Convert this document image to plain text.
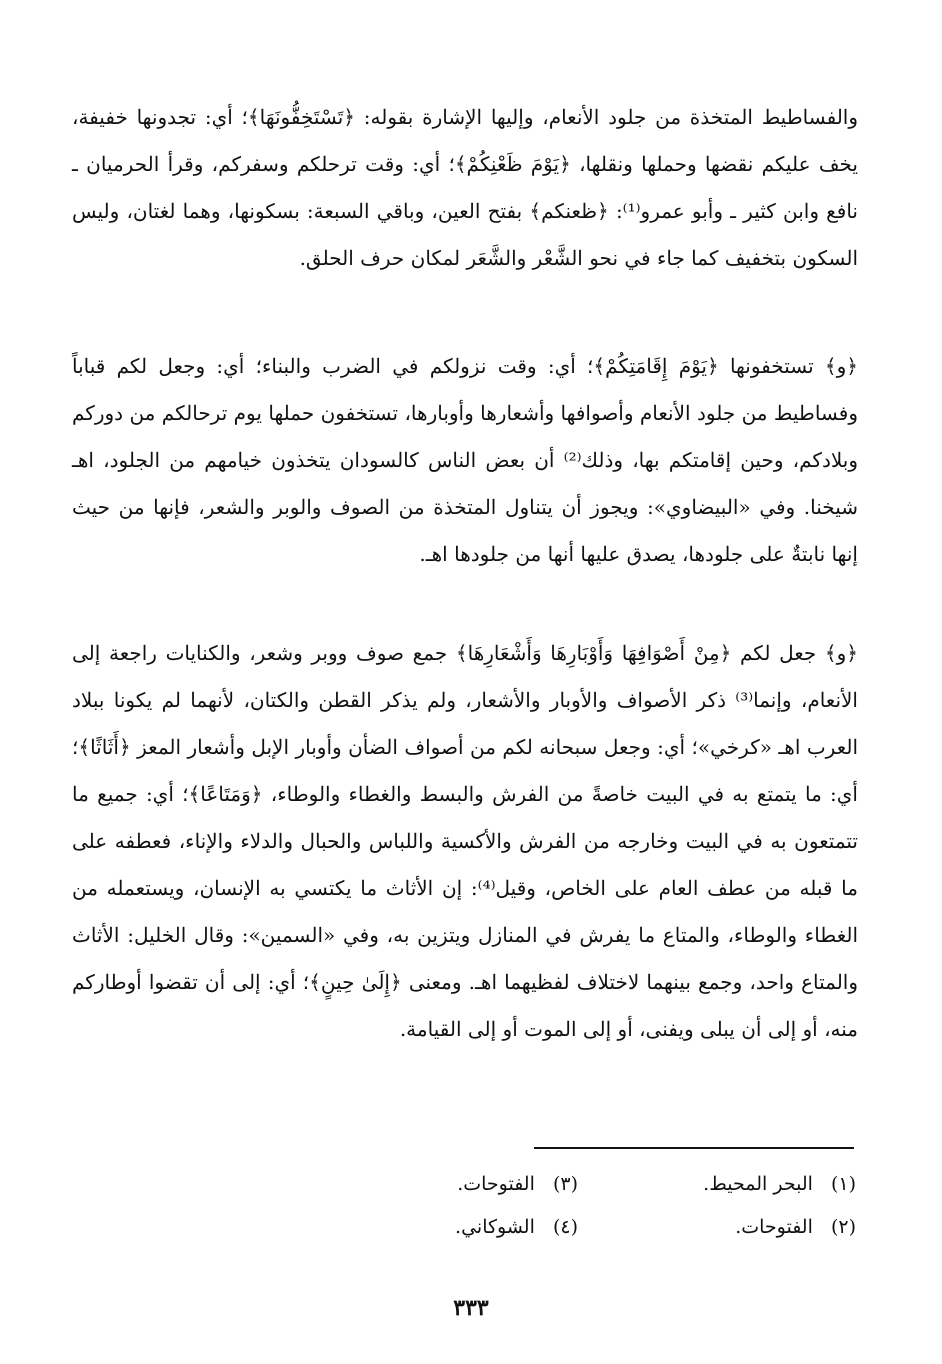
والفساطيط المتخذة من جلود الأنعام، وإليها الإشارة بقوله: ﴿تَسْتَخِفُّونَهَا﴾؛ أي: تجدونها خفيفة، يخف عليكم نقضها وحملها ونقلها، ﴿يَوْمَ ظَعْنِكُمْ﴾؛ أي: وقت ترحلكم وسفركم، وقرأ الحرميان ـ نافع وابن كثير ـ وأبو عمرو⁽¹⁾: ﴿ظعنكم﴾ بفتح العين، وباقي السبعة: بسكونها، وهما لغتان، وليس السكون بتخفيف كما جاء في نحو الشَّعْر والشَّعَر لمكان حرف الحلق.

﴿و﴾ تستخفونها ﴿يَوْمَ إِقَامَتِكُمْ﴾؛ أي: وقت نزولكم في الضرب والبناء؛ أي: وجعل لكم قباباً وفساطيط من جلود الأنعام وأصوافها وأشعارها وأوبارها، تستخفون حملها يوم ترحالكم من دوركم وبلادكم، وحين إقامتكم بها، وذلك⁽²⁾ أن بعض الناس كالسودان يتخذون خيامهم من الجلود، اهـ شيخنا. وفي «البيضاوي»: ويجوز أن يتناول المتخذة من الصوف والوبر والشعر، فإنها من حيث إنها نابتةٌ على جلودها، يصدق عليها أنها من جلودها اهـ.

﴿و﴾ جعل لكم ﴿مِنْ أَصْوَافِهَا وَأَوْبَارِهَا وَأَشْعَارِهَا﴾ جمع صوف ووبر وشعر، والكنايات راجعة إلى الأنعام، وإنما⁽³⁾ ذكر الأصواف والأوبار والأشعار، ولم يذكر القطن والكتان، لأنهما لم يكونا ببلاد العرب اهـ «كرخي»؛ أي: وجعل سبحانه لكم من أصواف الضأن وأوبار الإبل وأشعار المعز ﴿أَثَاثًا﴾؛ أي: ما يتمتع به في البيت خاصةً من الفرش والبسط والغطاء والوطاء، ﴿وَمَتَاعًا﴾؛ أي: جميع ما تتمتعون به في البيت وخارجه من الفرش والأكسية واللباس والحبال والدلاء والإناء، فعطفه على ما قبله من عطف العام على الخاص، وقيل⁽⁴⁾: إن الأثاث ما يكتسي به الإنسان، ويستعمله من الغطاء والوطاء، والمتاع ما يفرش في المنازل ويتزين به، وفي «السمين»: وقال الخليل: الأثاث والمتاع واحد، وجمع بينهما لاختلاف لفظيهما اهـ. ومعنى ﴿إِلَىٰ حِينٍ﴾؛ أي: إلى أن تقضوا أوطاركم منه، أو إلى أن يبلى ويفنى، أو إلى الموت أو إلى القيامة.

(١) البحر المحيط.
(٣) الفتوحات.
(٢) الفتوحات.
(٤) الشوكاني.
٣٣٣
